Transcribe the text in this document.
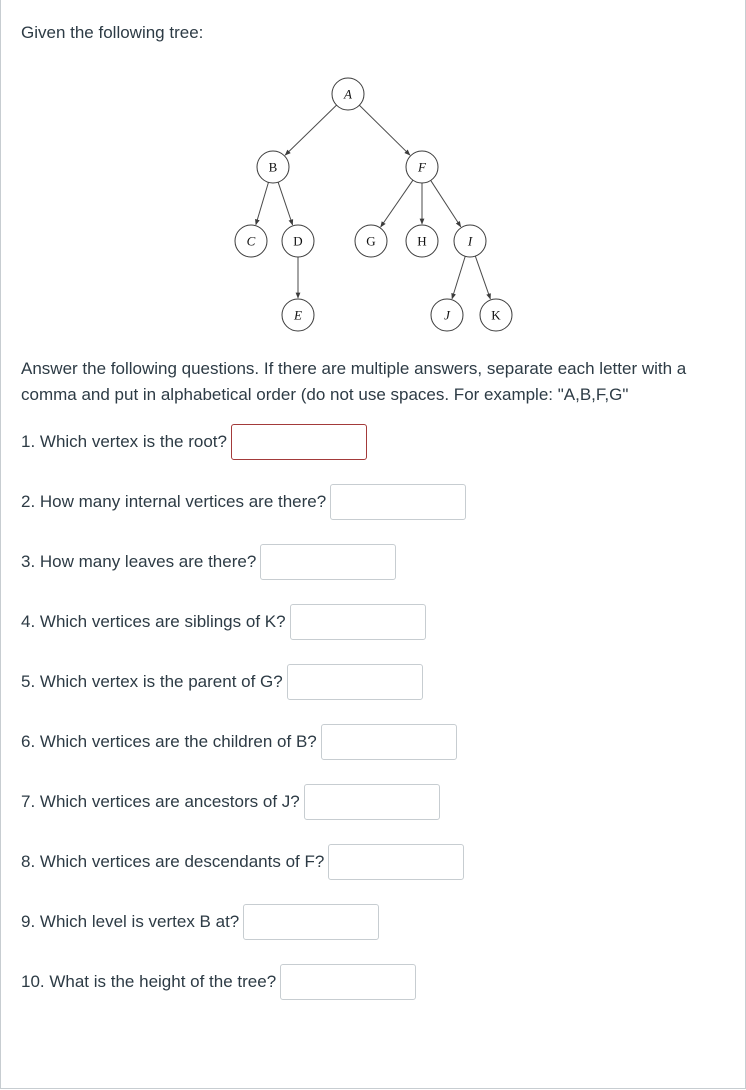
Given the following tree:
A
B	F
C	D	G	H	I
E	J	K
Answer the following questions. If there are multiple answers, separate each letter with a comma and put in alphabetical order (do not use spaces. For example: "A,B,F,G"
1. Which vertex is the root?
2. How many internal vertices are there?
3. How many leaves are there?
4. Which vertices are siblings of K?
5. Which vertex is the parent of G?
6. Which vertices are the children of B?
7. Which vertices are ancestors of J?
8. Which vertices are descendants of F?
9. Which level is vertex B at?
10. What is the height of the tree?
